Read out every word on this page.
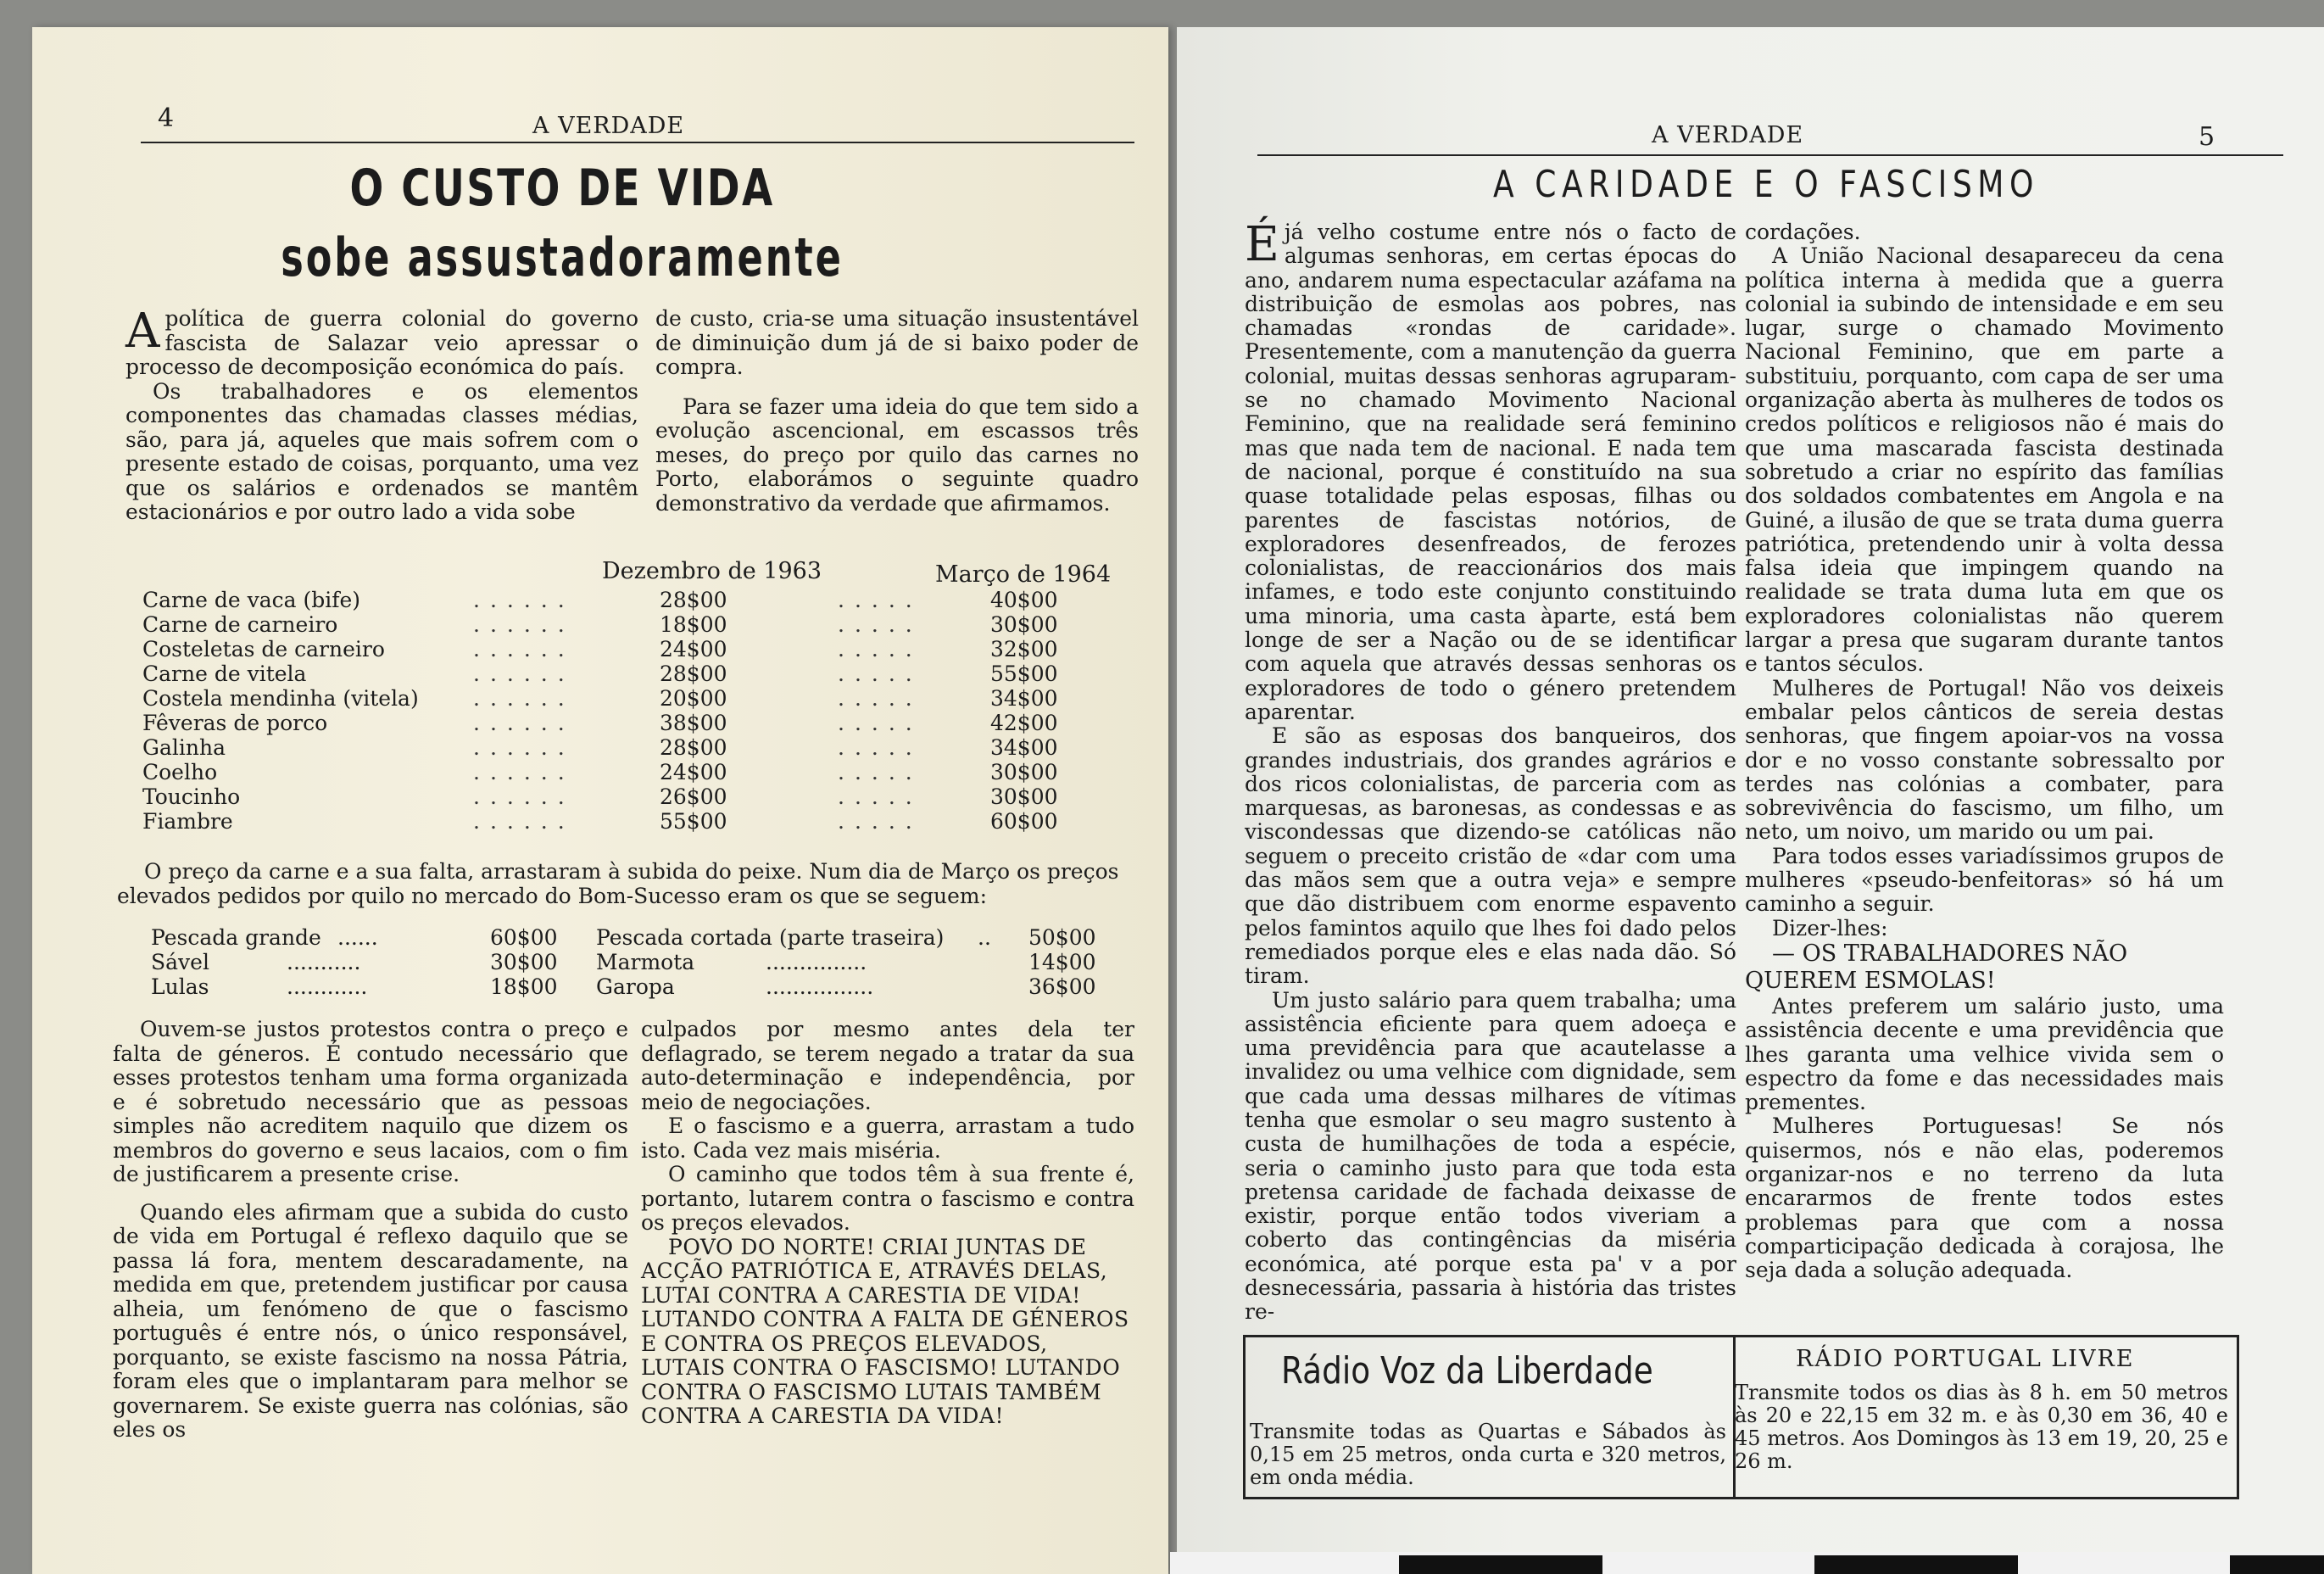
4	A VERDADE
O CUSTO DE VIDA
sobe assustadoramente

Apolítica de guerra colonial do governo fascista de Salazar veio apressar o processo de decomposição económica do país.

Os trabalhadores e os elementos componentes das chamadas classes médias, são, para já, aqueles que mais sofrem com o presente estado de coisas, porquanto, uma vez que os salários e ordenados se mantêm estacionários e por outro lado a vida sobe

de custo, cria-se uma situação insustentável de diminuição dum já de si baixo poder de compra.

Para se fazer uma ideia do que tem sido a evolução ascencional, em escassos três meses, do preço por quilo das carnes no Porto, elaborámos o seguinte quadro demonstrativo da verdade que afirmamos.

Dezembro de 1963	Março de 1964
Carne de vaca (bife)	......	28$00	.....	40$00
Carne de carneiro	......	18$00	.....	30$00
Costeletas de carneiro	......	24$00	.....	32$00
Carne de vitela	......	28$00	.....	55$00
Costela mendinha (vitela)	......	20$00	.....	34$00
Fêveras de porco	......	38$00	.....	42$00
Galinha	......	28$00	.....	34$00
Coelho	......	24$00	.....	30$00
Toucinho	......	26$00	.....	30$00
Fiambre	......	55$00	.....	60$00

O preço da carne e a sua falta, arrastaram à subida do peixe. Num dia de Março os preços elevados pedidos por quilo no mercado do Bom-Sucesso eram os que se seguem:

Pescada grande ......	60$00 Pescada cortada (parte traseira) .. 50$00
Sável	...........	30$00 Marmota	...............	14$00
Lulas	............	18$00 Garopa	................	36$00

Ouvem-se justos protestos contra o preço e falta de géneros. É contudo necessário que esses protestos tenham uma forma organizada e é sobretudo necessário que as pessoas simples não acreditem naquilo que dizem os membros do governo e seus lacaios, com o fim de justificarem a presente crise.

Quando eles afirmam que a subida do custo de vida em Portugal é reflexo daquilo que se passa lá fora, mentem descaradamente, na medida em que, pretendem justificar por causa alheia, um fenómeno de que o fascismo português é entre nós, o único responsável, porquanto, se existe fascismo na nossa Pátria, foram eles que o implantaram para melhor se governarem. Se existe guerra nas colónias, são eles os

culpados por mesmo antes dela ter deflagrado, se terem negado a tratar da sua auto-determinação e independência, por meio de negociações.

E o fascismo e a guerra, arrastam a tudo isto. Cada vez mais miséria.

O caminho que todos têm à sua frente é, portanto, lutarem contra o fascismo e contra os preços elevados.

POVO DO NORTE! CRIAI JUNTAS DE ACÇÃO PATRIÓTICA E, ATRAVÉS DELAS, LUTAI CONTRA A CARESTIA DE VIDA! LUTANDO CONTRA A FALTA DE GÉNEROS E CONTRA OS PREÇOS ELEVADOS, LUTAIS CONTRA O FASCISMO! LUTANDO CONTRA O FASCISMO LUTAIS TAMBÉM CONTRA A CARESTIA DA VIDA!

A VERDADE	5
A CARIDADE E O FASCISMO

Éjá velho costume entre nós o facto de algumas senhoras, em certas épocas do ano, andarem numa espectacular azáfama na distribuição de esmolas aos pobres, nas chamadas «rondas de caridade». Presentemente, com a manutenção da guerra colonial, muitas dessas senhoras agruparam-se no chamado Movimento Nacional Feminino, que na realidade será feminino mas que nada tem de nacional. E nada tem de nacional, porque é constituído na sua quase totalidade pelas esposas, filhas ou parentes de fascistas notórios, de exploradores desenfreados, de ferozes colonialistas, de reaccionários dos mais infames, e todo este conjunto constituindo uma minoria, uma casta àparte, está bem longe de ser a Nação ou de se identificar com aquela que através dessas senhoras os exploradores de todo o género pretendem aparentar.

E são as esposas dos banqueiros, dos grandes industriais, dos grandes agrários e dos ricos colonialistas, de parceria com as marquesas, as baronesas, as condessas e as viscondessas que dizendo-se católicas não seguem o preceito cristão de «dar com uma das mãos sem que a outra veja» e sempre que dão distribuem com enorme espavento pelos famintos aquilo que lhes foi dado pelos remediados porque eles e elas nada dão. Só tiram.

Um justo salário para quem trabalha; uma assistência eficiente para quem adoeça e uma previdência para que acautelasse a invalidez ou uma velhice com dignidade, sem que cada uma dessas milhares de vítimas tenha que esmolar o seu magro sustento à custa de humilhações de toda a espécie, seria o caminho justo para que toda esta pretensa caridade de fachada deixasse de existir, porque então todos viveriam a coberto das contingências da miséria económica, até porque esta pa' v a por desnecessária, passaria à história das tristes re-

cordações.

A União Nacional desapareceu da cena política interna à medida que a guerra colonial ia subindo de intensidade e em seu lugar, surge o chamado Movimento Nacional Feminino, que em parte a substituiu, porquanto, com capa de ser uma organização aberta às mulheres de todos os credos políticos e religiosos não é mais do que uma mascarada fascista destinada sobretudo a criar no espírito das famílias dos soldados combatentes em Angola e na Guiné, a ilusão de que se trata duma guerra patriótica, pretendendo unir à volta dessa falsa ideia que impingem quando na realidade se trata duma luta em que os exploradores colonialistas não querem largar a presa que sugaram durante tantos e tantos séculos.

Mulheres de Portugal! Não vos deixeis embalar pelos cânticos de sereia destas senhoras, que fingem apoiar-vos na vossa dor e no vosso constante sobressalto por terdes nas colónias a combater, para sobrevivência do fascismo, um filho, um neto, um noivo, um marido ou um pai.

Para todos esses variadíssimos grupos de mulheres «pseudo-benfeitoras» só há um caminho a seguir.

Dizer-lhes:

— OS TRABALHADORES NÃO QUEREM ESMOLAS!

Antes preferem um salário justo, uma assistência decente e uma previdência que lhes garanta uma velhice vivida sem o espectro da fome e das necessidades mais prementes.

Mulheres Portuguesas! Se nós quisermos, nós e não elas, poderemos organizar-nos e no terreno da luta encararmos de frente todos estes problemas para que com a nossa comparticipação dedicada à corajosa, lhe seja dada a solução adequada.

Rádio Voz da Liberdade
Transmite todas as Quartas e Sábados às 0,15 em 25 metros, onda curta e 320 metros, em onda média.
RÁDIO PORTUGAL LIVRE
Transmite todos os dias às 8 h. em 50 metros às 20 e 22,15 em 32 m. e às 0,30 em 36, 40 e 45 metros. Aos Domingos às 13 em 19, 20, 25 e 26 m.
